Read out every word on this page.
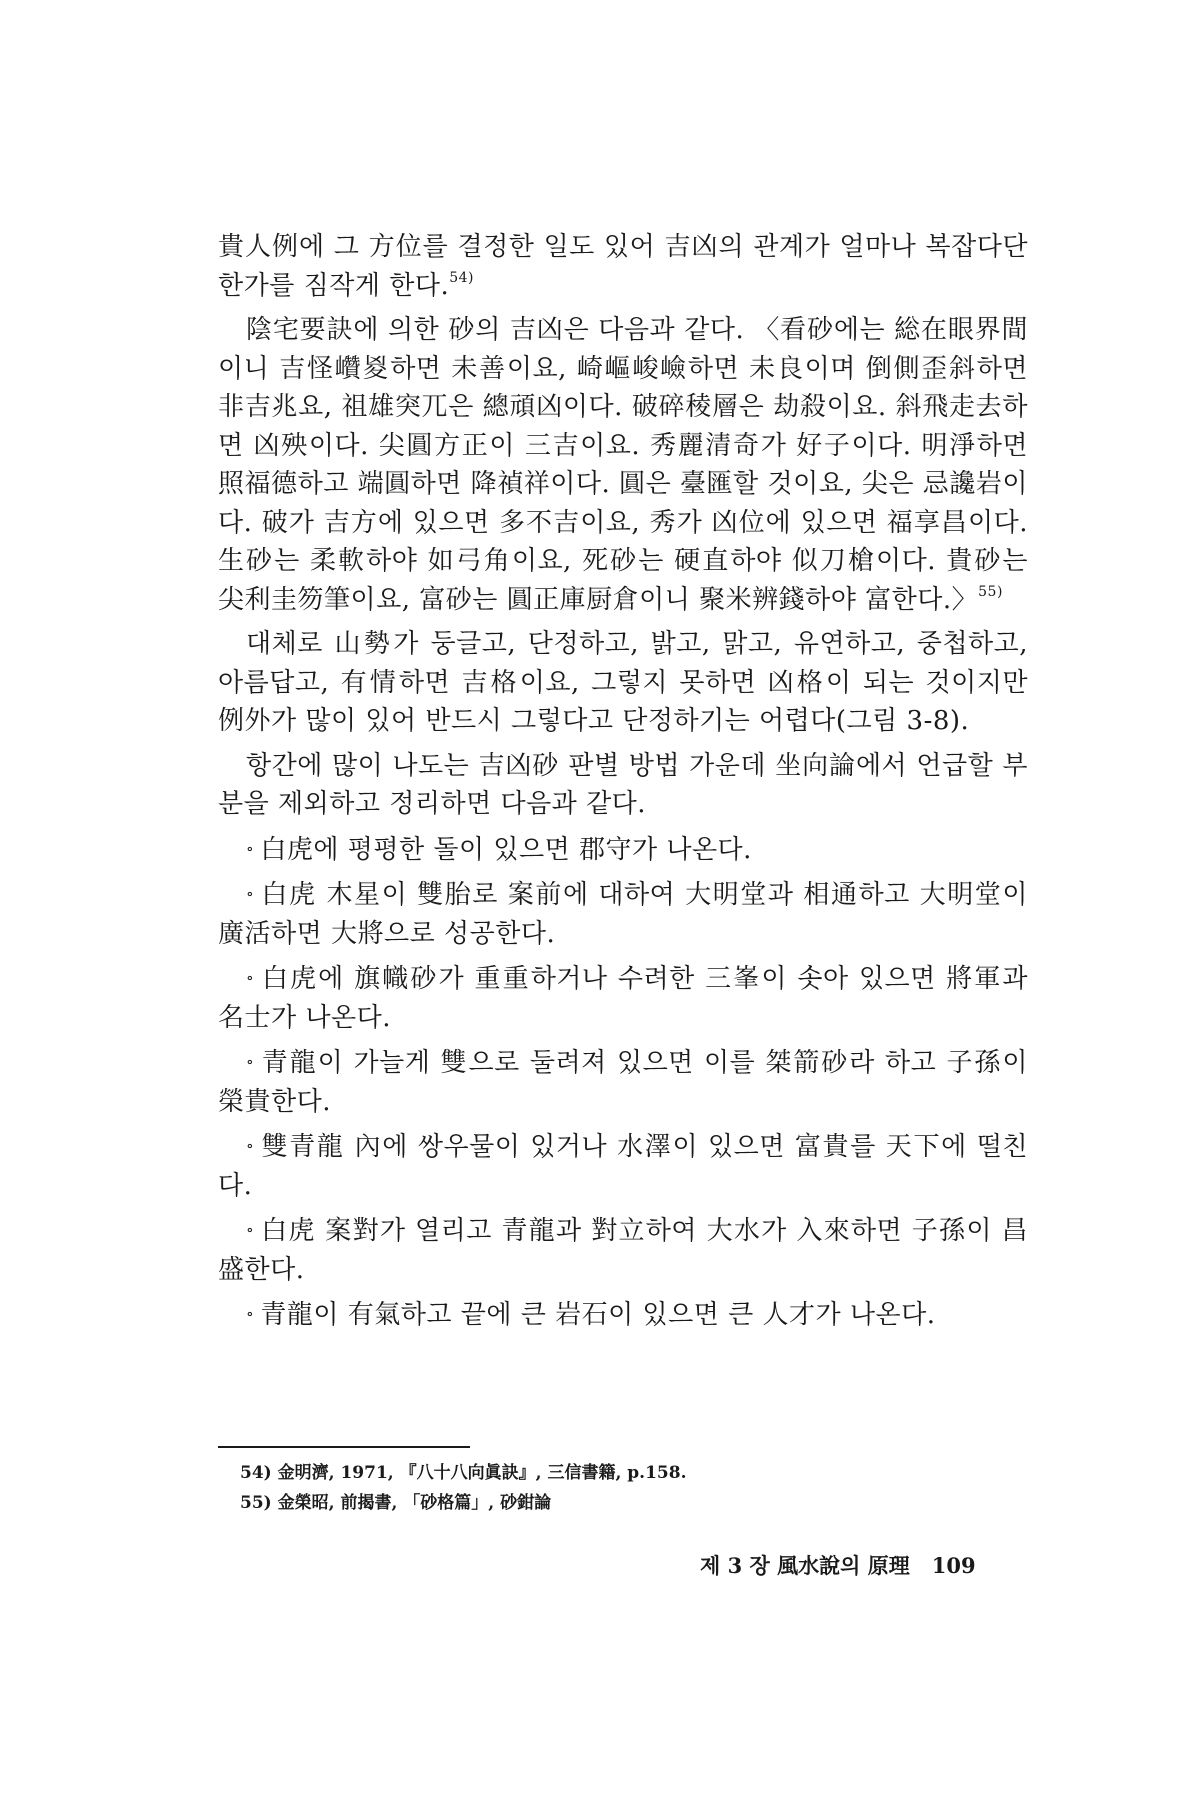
貴人例에 그 方位를 결정한 일도 있어 吉凶의 관계가 얼마나 복잡다단한가를 짐작게 한다.$^{54)}$

陰宅要訣에 의한 砂의 吉凶은 다음과 같다. 〈看砂에는 総在眼界間이니 吉怪巑㚇하면 未善이요, 崎嶇峻嶮하면 未良이며 倒側歪斜하면 非吉兆요, 祖雄突兀은 總頑凶이다. 破碎稜層은 劫殺이요. 斜飛走去하면 凶殃이다. 尖圓方正이 三吉이요. 秀麗清奇가 好子이다. 明淨하면 照福德하고 端圓하면 降禎祥이다. 圓은 臺匯할 것이요, 尖은 忌讒岩이다. 破가 吉方에 있으면 多不吉이요, 秀가 凶位에 있으면 福享昌이다. 生砂는 柔軟하야 如弓角이요, 死砂는 硬直하야 似刀槍이다. 貴砂는 尖利圭笏筆이요, 富砂는 圓正庫厨倉이니 聚米辨錢하야 富한다.〉$^{55)}$

대체로 山勢가 둥글고, 단정하고, 밝고, 맑고, 유연하고, 중첩하고, 아름답고, 有情하면 吉格이요, 그렇지 못하면 凶格이 되는 것이지만 例外가 많이 있어 반드시 그렇다고 단정하기는 어렵다(그림 3-8).

항간에 많이 나도는 吉凶砂 판별 방법 가운데 坐向論에서 언급할 부분을 제외하고 정리하면 다음과 같다.

∘ 白虎에 평평한 돌이 있으면 郡守가 나온다.

∘ 白虎 木星이 雙胎로 案前에 대하여 大明堂과 相通하고 大明堂이 廣活하면 大將으로 성공한다.

∘ 白虎에 旗幟砂가 重重하거나 수려한 三峯이 솟아 있으면 將軍과 名士가 나온다.

∘ 青龍이 가늘게 雙으로 둘려져 있으면 이를 桀箭砂라 하고 子孫이 榮貴한다.

∘ 雙青龍 內에 쌍우물이 있거나 水澤이 있으면 富貴를 天下에 떨친다.

∘ 白虎 案對가 열리고 青龍과 對立하여 大水가 入來하면 子孫이 昌盛한다.

∘ 青龍이 有氣하고 끝에 큰 岩石이 있으면 큰 人才가 나온다.

54) 金明濟, 1971, 『八十八向眞訣』, 三信書籍, p.158.
55) 金榮昭, 前揭書, 「砂格篇」, 砂鉗論
제 3 장 風水說의 原理 109
